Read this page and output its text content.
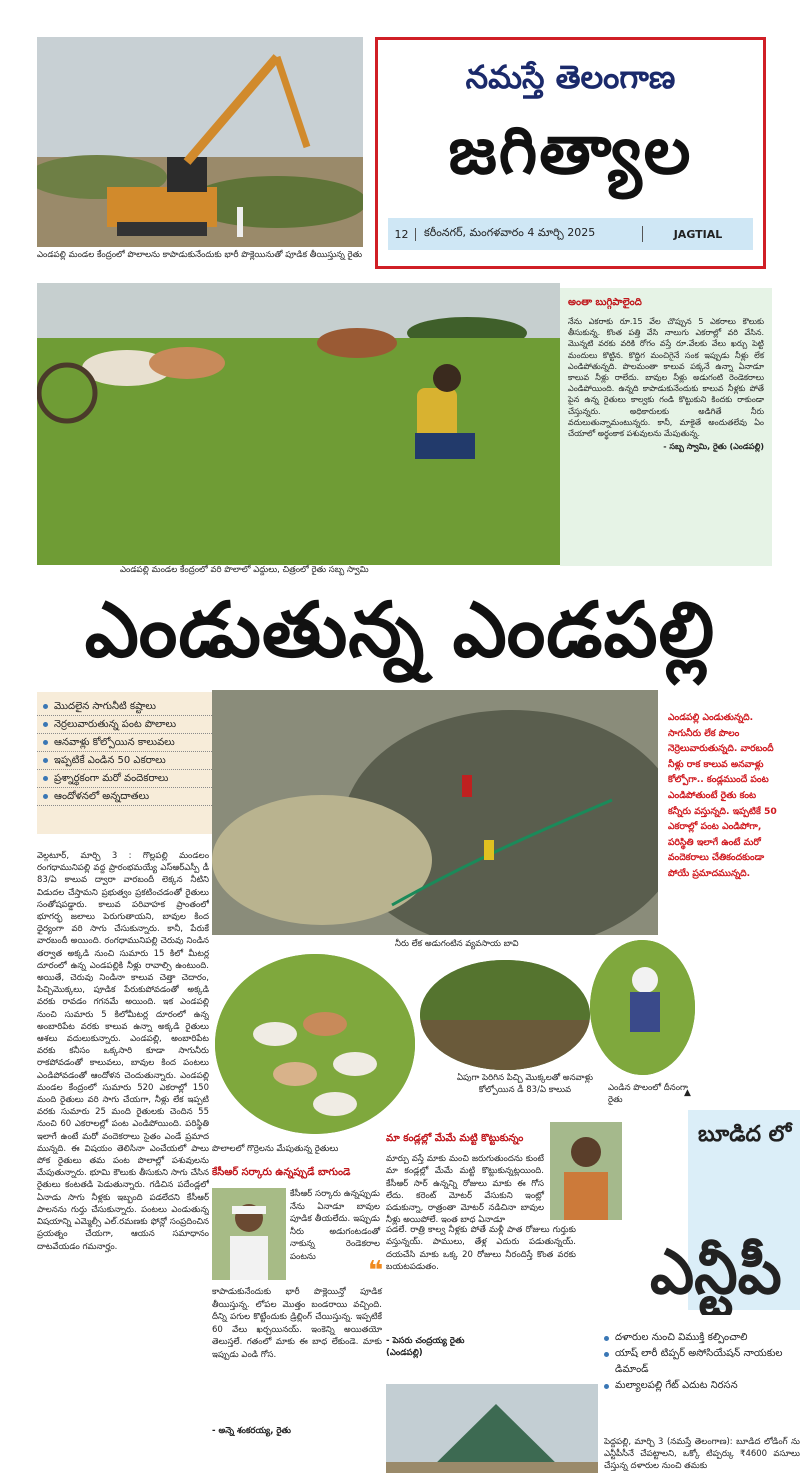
ఎండపల్లి మండల కేంద్రంలో పొలాలను కాపాడుకునేందుకు భారీ పొక్లెయినుతో పూడిక తీయిస్తున్న రైతు
నమస్తే తెలంగాణ
జగిత్యాల
12	కరీంనగర్, మంగళవారం 4 మార్చి 2025	JAGTIAL
అంతా బుగ్గిపాలైంది
నేను ఎకరాకు రూ.15 వేల చొప్పున 5 ఎకరాలు కౌలుకు తీసుకున్న. కొంత పత్తి వేసి నాలుగు ఎకరాల్లో వరి వేసిన. మొన్నటి వరకు వరికి రోగం వస్తే రూ.వేలకు వేలు ఖర్చు పెట్టి మందులు కొట్టిన. కొద్దిగ మంచిగైనే సంక ఇప్పుడు నీళ్లు లేక ఎండిపోతున్నది. పొలమంతా కాలువ పక్కనే ఉన్నా ఏనాడూ కాలువ నీళ్లు రాలేదు. బావుల నీళ్లు అడుగంటి రెండెకరాలు ఎండిపోయింది. ఉన్నది కాపాడుకునేందుకు కాలువ నీళ్లకు పోతే పైన ఉన్న రైతులు కాల్వకు గండి కొట్టుకుని కిందకు రాకుండా చేస్తున్నరు. అధికారులకు అడిగితే నీరు వదులుతున్నామంటున్నరు. కానీ, మాకైతే అందుతలేవు ఏం చేయాలో అర్థంకాక పశువులను మేపుతున్న.
- సబ్బ స్వామి, రైతు (ఎండపల్లి)
ఎండపల్లి మండల కేంద్రంలో వరి పొలాలో ఎద్దులు, చిత్రంలో రైతు సబ్బ స్వామి
ఎండుతున్న ఎండపల్లి
మొదలైన సాగునీటి కష్టాలు
నెర్రలువారుతున్న పంట పొలాలు
ఆనవాళ్లు కోల్పోయిన కాలువలు
ఇప్పటికే ఎండిన 50 ఎకరాలు
ప్రశ్నార్థకంగా మరో వందెకరాలు
ఆందోళనలో అన్నదాతలు
ఎండపల్లి ఎండుతున్నది. సాగునీరు లేక పొలం నెర్రెలువారుతున్నది. వారబందీ నీళ్లు రాక కాలువ అనవాళ్లు కోల్పోగా.. కండ్లముందే పంట ఎండిపోతుంటే రైతు కంట కన్నీరు వస్తున్నది. ఇప్పటికే 50 ఎకరాల్లో పంట ఎండిపోగా, పరిస్థితి ఇలాగే ఉంటే మరో వందెకరాలు చేతికందకుండా పోయే ప్రమాదమున్నది.
వెల్గటూర్, మార్చి 3 : గొల్లపల్లి మండలం రంగధామునిపల్లి వద్ద ప్రారంభమయ్యే ఎస్ఆర్ఎస్పీ డీ 83/ఏ కాలువ ద్వారా వారబందీ లెక్కన నీటిని విడుదల చేస్తామని ప్రభుత్వం ప్రకటించడంతో రైతులు సంతోషపడ్డారు. కాలువ పరివాహక ప్రాంతంలో భూగర్భ జలాలు పెరుగుతాయని, బావుల కింద ధైర్యంగా వరి సాగు చేసుకున్నారు. కానీ, పేరుకే వారబందీ అయింది. రంగధామునిపల్లి చెరువు నిండిన తర్వాత అక్కడి నుంచి సుమారు 15 కిలో మీటర్ల దూరంలో ఉన్న ఎండపల్లికి నీళ్లు రావాల్సి ఉంటుంది. అయితే, చెరువు నిండినా కాలువ చెత్తా చెదారం, పిచ్చిమొక్కలు, పూడిక పేరుకుపోవడంతో అక్కడి వరకు రావడం గగనమే అయింది. ఇక ఎండపల్లి నుంచి సుమారు 5 కిలోమీటర్ల దూరంలో ఉన్న అంబారిపేట వరకు కాలువ ఉన్నా అక్కడి రైతులు ఆశలు వదులుకున్నారు. ఎండపల్లి, అంబారిపేట వరకు కనీసం ఒక్కసారి కూడా సాగునీరు రాకపోవడంతో కాలువలు, బావుల కింద పంటలు ఎండిపోవడంతో ఆందోళన చెందుతున్నారు. ఎండపల్లి మండల కేంద్రంలో సుమారు 520 ఎకరాల్లో 150 మంది రైతులు వరి సాగు చేయగా, నీళ్లు లేక ఇప్పటి వరకు సుమారు 25 మంది రైతులకు చెందిన 55 నుంచి 60 ఎకరాలల్లో పంట ఎండిపోయింది. పరిస్థితి ఇలాగే ఉంటే మరో వందెకరాలు సైతం ఎండే ప్రమాద మున్నది. ఈ విషయం తెలిసినా ఎంచేయలో పాలు పోక రైతులు తమ పంట పొలాల్లో పశువులను మేపుతున్నారు. భూమి కౌలుకు తీసుకుని సాగు చేసిన రైతులు కంటతడి పెడుతున్నారు. గడిచిన పదేండ్లలో ఏనాడు సాగు నీళ్లకు ఇబ్బంది పడలేదని కేసీఆర్ పాలనను గుర్తు చేసుకున్నారు. పంటలు ఎండుతున్న విషయాన్ని ఎమ్మెల్సీ ఎల్.రమణకు ఫోన్లో సంప్రదించిన ప్రయత్నం చేయగా, ఆయన సమాధానం దాటవేయడం గమనార్హం.
నీరు లేక అడుగంటిన వ్యవసాయ బావి
ఏపుగా పెరిగిన పిచ్చి మొక్కలతో అనవాళ్లు కోల్పోయిన డీ 83/ఏ కాలువ	ఎండిన పొలంలో దీనంగా రైతు
▲
పొలాలలో గొర్రెలను మేపుతున్న రైతులు
కేసీఆర్ సర్కారు ఉన్నప్పుడే బాగుండె
కేసీఆర్ సర్కారు ఉన్నప్పుడు నేను ఏనాడూ బావుల పూడిక తీయలేదు. ఇప్పుడు నీరు అడుగంటడంతో నాకున్న రెండెకరాల పంటను
కాపాడుకునేందుకు భారీ పొక్లెయిన్తో పూడిక తీయిస్తున్న. లోపల మొత్తం బండరాయి వచ్చింది. దీన్ని పగుల కొట్టేందుకు డ్రిల్లింగ్ చేయిస్తున్న. ఇప్పటికే 60 వేలు ఖర్చయినయ్. ఇంకెన్ని అయితయో తెలుస్తలే. గతంలో మాకు ఈ బాధ లేకుండె. మాకు ఇప్పుడు ఎండి గోస.
- అన్నె శంకరయ్య, రైతు
మా కండ్లల్లో మేమే మట్టి కొట్టుకున్నం
మార్పు వస్తే మాకు మంచి జరుగుతుందను కుంటే మా కండ్లల్లో మేమే మట్టి కొట్టుకున్నట్లయింది. కేసీఆర్ సార్ ఉన్నన్ని రోజులు మాకు ఈ గోస లేదు. కరెంట్ మోటర్ వేసుకుని ఇంట్లో పడుకున్నా, రాత్రంతా మోటర్ నడిచినా బావుల నీళ్లు అయిపోలే. ఇంత బాధ ఏనాడూ
❝
పడలే. రాత్రి కాల్వ నీళ్లకు పోతే మళ్లీ పాత రోజులు గుర్తుకు వస్తున్నయ్. పాములు, తేళ్ల ఎదురు పడుతున్నయ్. దయచేసి మాకు ఒక్క 20 రోజులు నీరందిస్తే కొంత వరకు బయటపడుతం.
- పెసరు చంద్రయ్య రైతు (ఎండపల్లి)
బూడిద లో
ఎన్టీపీ
దళారుల నుంచి విముక్తి కల్పించాలి
యాష్ లారీ టిప్పర్ అసోసియేషన్ నాయకుల డిమాండ్
మల్యాలపల్లి గేట్ ఎదుట నిరసన
పెద్దపల్లి, మార్చి 3 (నమస్తే తెలంగాణ): బూడిద లోడింగ్ ను ఎన్టీపీసీనే చేపట్టాలని, ఒక్కో టిప్పర్కు ₹4600 వసూలు చేస్తున్న దళారుల నుంచి తమకు
